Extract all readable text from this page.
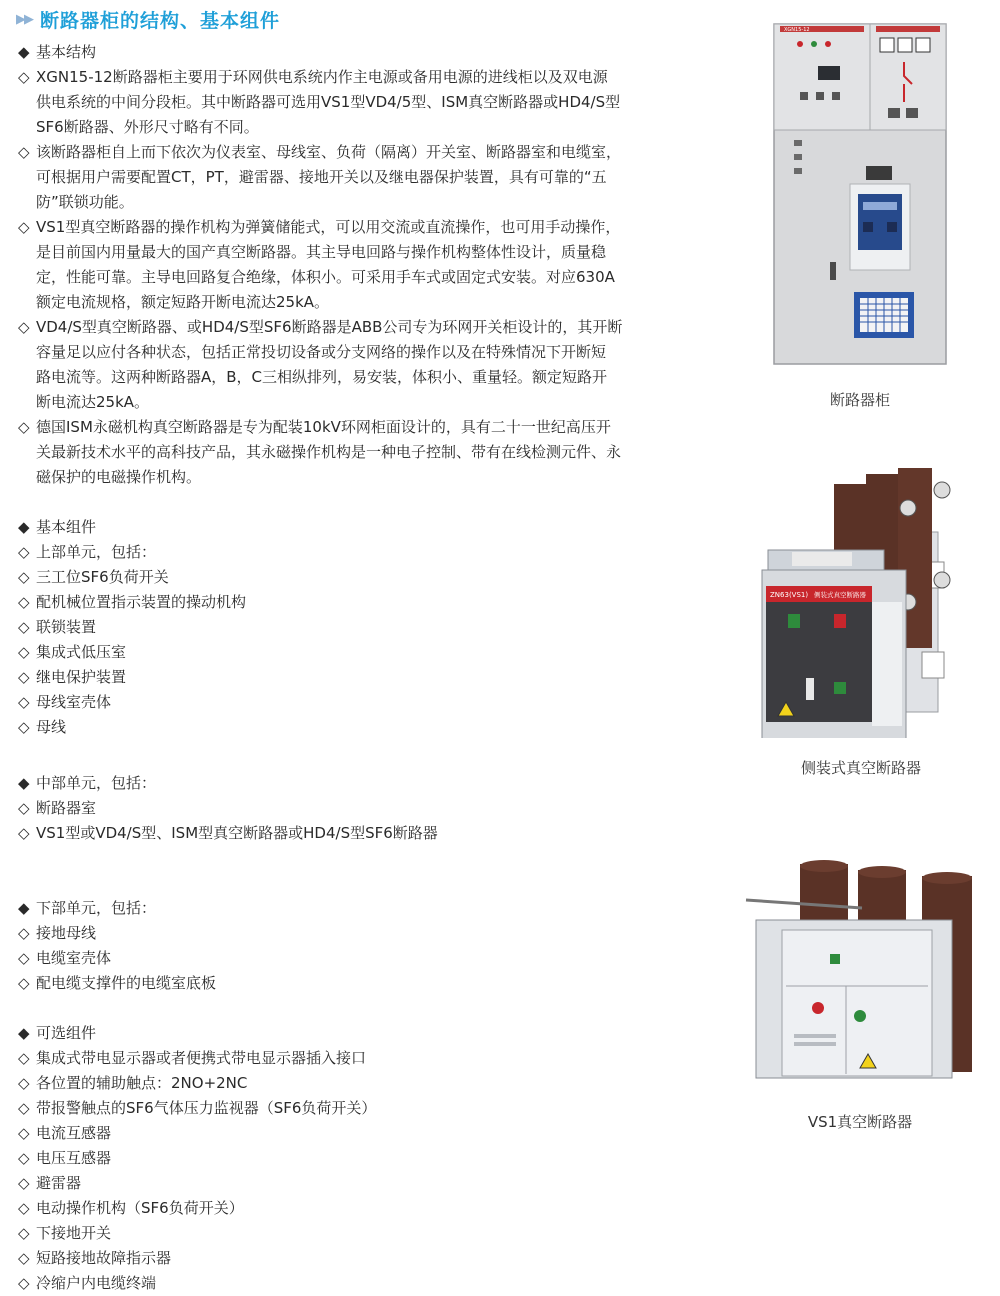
▶▶ 断路器柜的结构、基本组件
◆ 基本结构
◇ XGN15-12断路器柜主要用于环网供电系统内作主电源或备用电源的进线柜以及双电源
供电系统的中间分段柜。其中断路器可选用VS1型VD4/5型、ISM真空断路器或HD4/S型
SF6断路器、外形尺寸略有不同。
◇ 该断路器柜自上而下依次为仪表室、母线室、负荷（隔离）开关室、断路器室和电缆室，
可根据用户需要配置CT，PT，避雷器、接地开关以及继电器保护装置，具有可靠的“五
防”联锁功能。
◇ VS1型真空断路器的操作机构为弹簧储能式，可以用交流或直流操作，也可用手动操作，
是目前国内用量最大的国产真空断路器。其主导电回路与操作机构整体性设计，质量稳
定，性能可靠。主导电回路复合绝缘，体积小。可采用手车式或固定式安装。对应630A
额定电流规格，额定短路开断电流达25kA。
◇ VD4/S型真空断路器、或HD4/S型SF6断路器是ABB公司专为环网开关柜设计的，其开断
容量足以应付各种状态，包括正常投切设备或分支网络的操作以及在特殊情况下开断短
路电流等。这两种断路器A，B，C三相纵排列，易安装，体积小、重量轻。额定短路开
断电流达25kA。
◇ 德国ISM永磁机构真空断路器是专为配装10kV环网柜面设计的，具有二十一世纪高压开
关最新技术水平的高科技产品，其永磁操作机构是一种电子控制、带有在线检测元件、永
磁保护的电磁操作机构。
◆ 基本组件
◇ 上部单元，包括：
◇ 三工位SF6负荷开关
◇ 配机械位置指示装置的操动机构
◇ 联锁装置
◇ 集成式低压室
◇ 继电保护装置
◇ 母线室壳体
◇ 母线
◆ 中部单元，包括：
◇ 断路器室
◇ VS1型或VD4/S型、ISM型真空断路器或HD4/S型SF6断路器
◆ 下部单元，包括：
◇ 接地母线
◇ 电缆室壳体
◇ 配电缆支撑件的电缆室底板
◆ 可选组件
◇ 集成式带电显示器或者便携式带电显示器插入接口
◇ 各位置的辅助触点：2NO+2NC
◇ 带报警触点的SF6气体压力监视器（SF6负荷开关）
◇ 电流互感器
◇ 电压互感器
◇ 避雷器
◇ 电动操作机构（SF6负荷开关）
◇ 下接地开关
◇ 短路接地故障指示器
◇ 冷缩户内电缆终端
XGN15-12
断路器柜
ZN63(VS1) 侧装式真空断路器
侧装式真空断路器
VS1真空断路器
